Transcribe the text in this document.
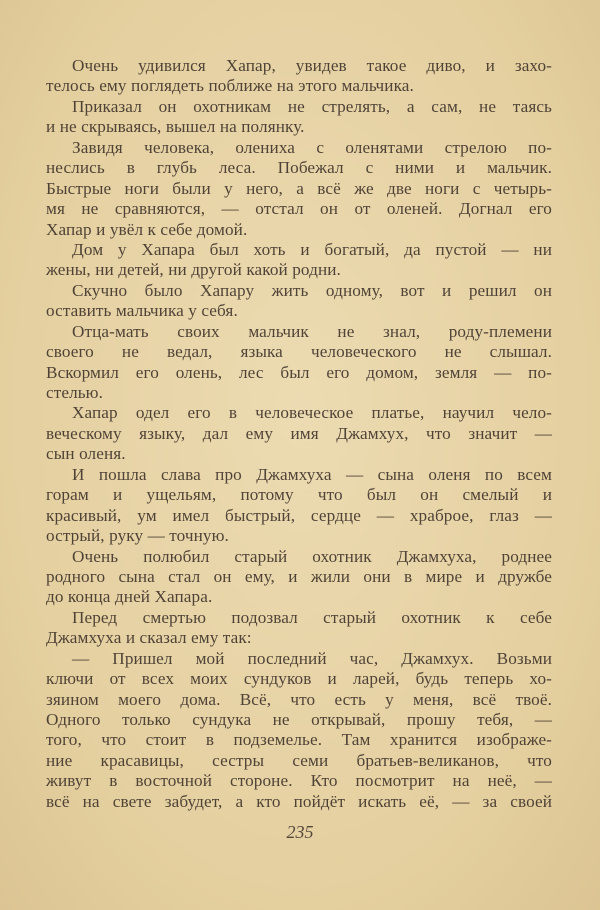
Очень удивился Хапар, увидев такое диво, и захо-
телось ему поглядеть поближе на этого мальчика.
Приказал он охотникам не стрелять, а сам, не таясь
и не скрываясь, вышел на полянку.
Завидя человека, олениха с оленятами стрелою по-
неслись в глубь леса. Побежал с ними и мальчик.
Быстрые ноги были у него, а всё же две ноги с четырь-
мя не сравняются, — отстал он от оленей. Догнал его
Хапар и увёл к себе домой.
Дом у Хапара был хоть и богатый, да пустой — ни
жены, ни детей, ни другой какой родни.
Скучно было Хапару жить одному, вот и решил он
оставить мальчика у себя.
Отца-мать своих мальчик не знал, роду-племени
своего не ведал, языка человеческого не слышал.
Вскормил его олень, лес был его домом, земля — по-
стелью.
Хапар одел его в человеческое платье, научил чело-
веческому языку, дал ему имя Джамхух, что значит —
сын оленя.
И пошла слава про Джамхуха — сына оленя по всем
горам и ущельям, потому что был он смелый и
красивый, ум имел быстрый, сердце — храброе, глаз —
острый, руку — точную.
Очень полюбил старый охотник Джамхуха, роднее
родного сына стал он ему, и жили они в мире и дружбе
до конца дней Хапара.
Перед смертью подозвал старый охотник к себе
Джамхуха и сказал ему так:
— Пришел мой последний час, Джамхух. Возьми
ключи от всех моих сундуков и ларей, будь теперь хо-
зяином моего дома. Всё, что есть у меня, всё твоё.
Одного только сундука не открывай, прошу тебя, —
того, что стоит в подземелье. Там хранится изображе-
ние красавицы, сестры семи братьев-великанов, что
живут в восточной стороне. Кто посмотрит на неё, —
всё на свете забудет, а кто пойдёт искать её, — за своей
235
